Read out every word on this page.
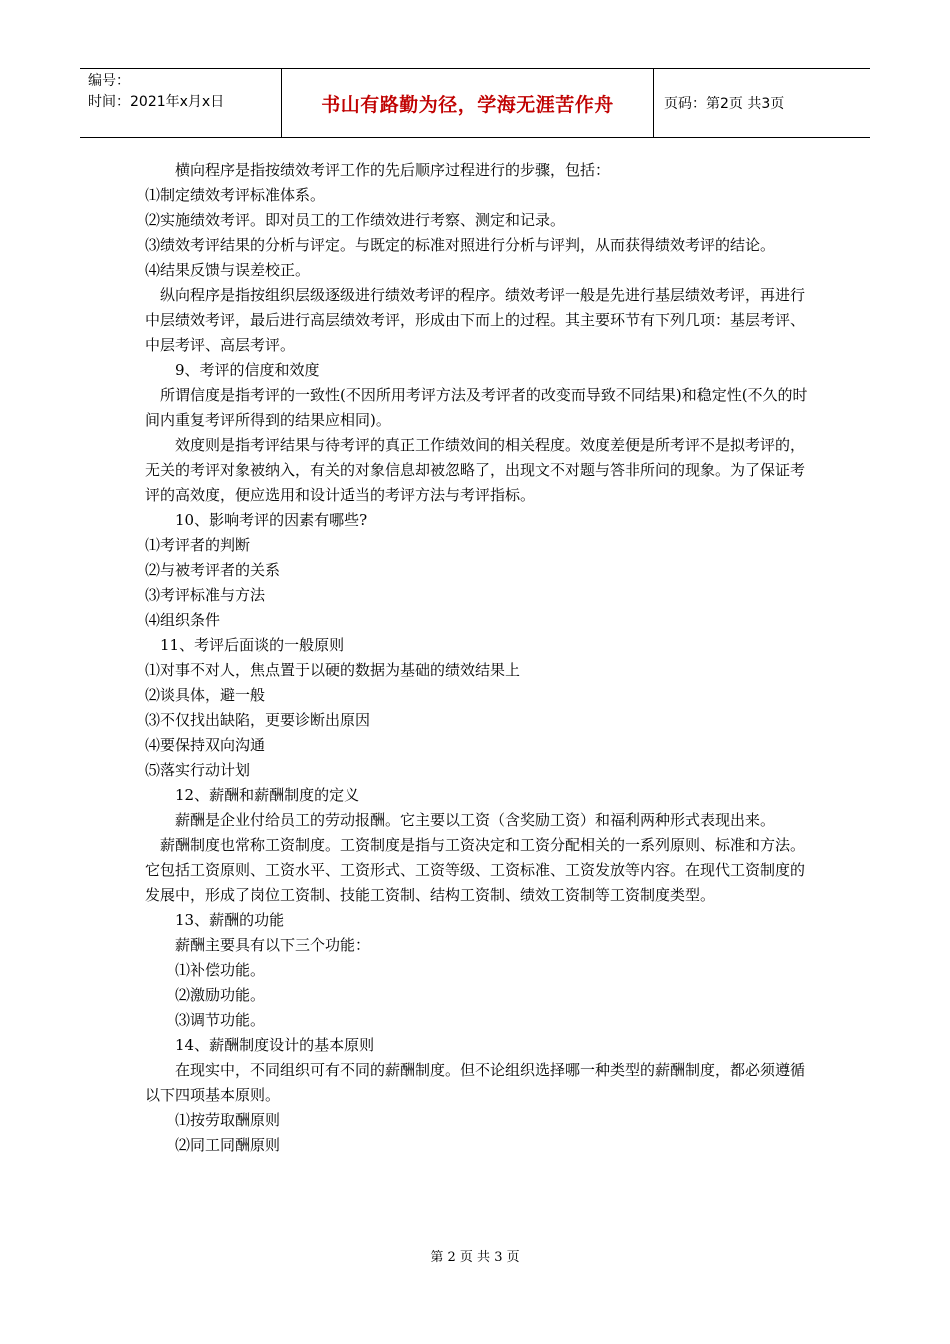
编号：
时间：2021年x月x日	书山有路勤为径，学海无涯苦作舟	页码：第2页 共3页

横向程序是指按绩效考评工作的先后顺序过程进行的步骤，包括：

⑴制定绩效考评标准体系。

⑵实施绩效考评。即对员工的工作绩效进行考察、测定和记录。

⑶绩效考评结果的分析与评定。与既定的标准对照进行分析与评判，从而获得绩效考评的结论。

⑷结果反馈与误差校正。

纵向程序是指按组织层级逐级进行绩效考评的程序。绩效考评一般是先进行基层绩效考评，再进行中层绩效考评，最后进行高层绩效考评，形成由下而上的过程。其主要环节有下列几项：基层考评、中层考评、高层考评。

9、考评的信度和效度

所谓信度是指考评的一致性(不因所用考评方法及考评者的改变而导致不同结果)和稳定性(不久的时间内重复考评所得到的结果应相同)。

效度则是指考评结果与待考评的真正工作绩效间的相关程度。效度差便是所考评不是拟考评的，无关的考评对象被纳入，有关的对象信息却被忽略了，出现文不对题与答非所问的现象。为了保证考评的高效度，便应选用和设计适当的考评方法与考评指标。

10、影响考评的因素有哪些?

⑴考评者的判断

⑵与被考评者的关系

⑶考评标准与方法

⑷组织条件

11、考评后面谈的一般原则

⑴对事不对人，焦点置于以硬的数据为基础的绩效结果上

⑵谈具体，避一般

⑶不仅找出缺陷，更要诊断出原因

⑷要保持双向沟通

⑸落实行动计划

12、薪酬和薪酬制度的定义

薪酬是企业付给员工的劳动报酬。它主要以工资（含奖励工资）和福利两种形式表现出来。

薪酬制度也常称工资制度。工资制度是指与工资决定和工资分配相关的一系列原则、标准和方法。它包括工资原则、工资水平、工资形式、工资等级、工资标准、工资发放等内容。在现代工资制度的发展中，形成了岗位工资制、技能工资制、结构工资制、绩效工资制等工资制度类型。

13、薪酬的功能

薪酬主要具有以下三个功能：

⑴补偿功能。

⑵激励功能。

⑶调节功能。

14、薪酬制度设计的基本原则

在现实中，不同组织可有不同的薪酬制度。但不论组织选择哪一种类型的薪酬制度，都必须遵循以下四项基本原则。

⑴按劳取酬原则

⑵同工同酬原则

第 2 页 共 3 页
